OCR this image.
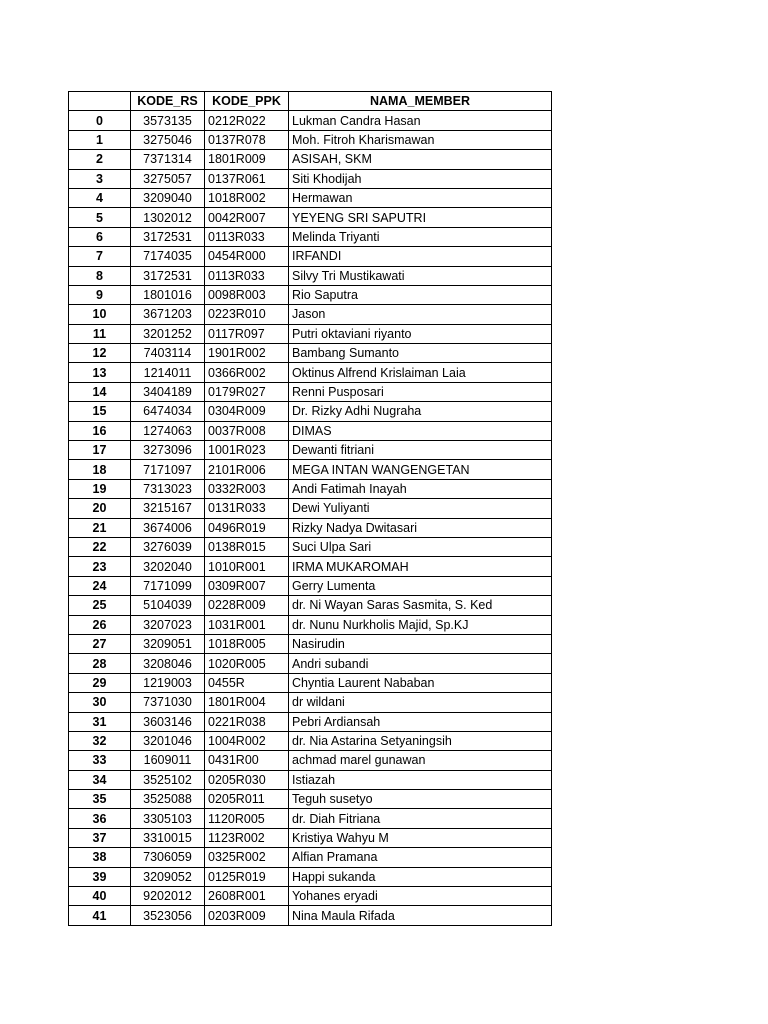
	KODE_RS	KODE_PPK	NAMA_MEMBER
0	3573135	0212R022	Lukman Candra Hasan
1	3275046	0137R078	Moh. Fitroh Kharismawan
2	7371314	1801R009	ASISAH, SKM
3	3275057	0137R061	Siti Khodijah
4	3209040	1018R002	Hermawan
5	1302012	0042R007	YEYENG SRI SAPUTRI
6	3172531	0113R033	Melinda Triyanti
7	7174035	0454R000	IRFANDI
8	3172531	0113R033	Silvy Tri Mustikawati
9	1801016	0098R003	Rio Saputra
10	3671203	0223R010	Jason
11	3201252	0117R097	Putri oktaviani riyanto
12	7403114	1901R002	Bambang Sumanto
13	1214011	0366R002	Oktinus Alfrend Krislaiman Laia
14	3404189	0179R027	Renni Pusposari
15	6474034	0304R009	Dr. Rizky Adhi Nugraha
16	1274063	0037R008	DIMAS
17	3273096	1001R023	Dewanti fitriani
18	7171097	2101R006	MEGA INTAN WANGENGETAN
19	7313023	0332R003	Andi Fatimah Inayah
20	3215167	0131R033	Dewi Yuliyanti
21	3674006	0496R019	Rizky Nadya Dwitasari
22	3276039	0138R015	Suci Ulpa Sari
23	3202040	1010R001	IRMA MUKAROMAH
24	7171099	0309R007	Gerry Lumenta
25	5104039	0228R009	dr. Ni Wayan Saras Sasmita, S. Ked
26	3207023	1031R001	dr. Nunu Nurkholis Majid, Sp.KJ
27	3209051	1018R005	Nasirudin
28	3208046	1020R005	Andri subandi
29	1219003	0455R	Chyntia Laurent Nababan
30	7371030	1801R004	dr wildani
31	3603146	0221R038	Pebri Ardiansah
32	3201046	1004R002	dr. Nia Astarina Setyaningsih
33	1609011	0431R00	achmad marel gunawan
34	3525102	0205R030	Istiazah
35	3525088	0205R011	Teguh susetyo
36	3305103	1120R005	dr. Diah Fitriana
37	3310015	1123R002	Kristiya Wahyu M
38	7306059	0325R002	Alfian Pramana
39	3209052	0125R019	Happi sukanda
40	9202012	2608R001	Yohanes eryadi
41	3523056	0203R009	Nina Maula Rifada
